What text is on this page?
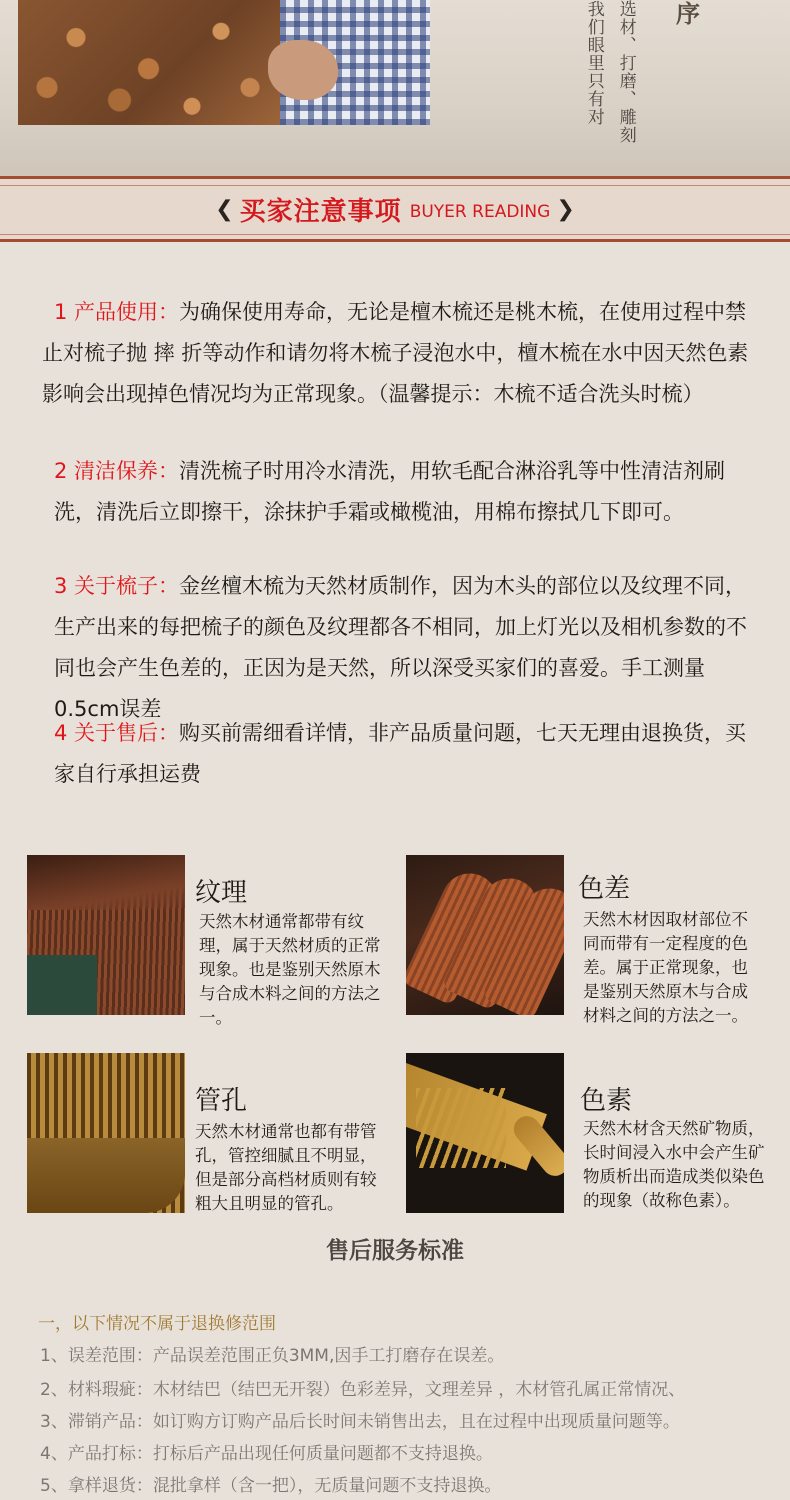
我们眼里只有对 选材、打磨、雕刻 序
❮ 买家注意事项 BUYER READING ❯
1 产品使用：为确保使用寿命，无论是檀木梳还是桃木梳，在使用过程中禁止对梳子抛 摔 折等动作和请勿将木梳子浸泡水中，檀木梳在水中因天然色素影响会出现掉色情况均为正常现象。（温馨提示：木梳不适合洗头时梳）
2 清洁保养：清洗梳子时用冷水清洗，用软毛配合淋浴乳等中性清洁剂刷洗，清洗后立即擦干，涂抹护手霜或橄榄油，用棉布擦拭几下即可。
3 关于梳子：金丝檀木梳为天然材质制作，因为木头的部位以及纹理不同，生产出来的每把梳子的颜色及纹理都各不相同，加上灯光以及相机参数的不同也会产生色差的，正因为是天然，所以深受买家们的喜爱。手工测量0.5cm误差
4 关于售后：购买前需细看详情，非产品质量问题，七天无理由退换货，买家自行承担运费
纹理
天然木材通常都带有纹理，属于天然材质的正常现象。也是鉴别天然原木与合成木料之间的方法之一。
色差
天然木材因取材部位不同而带有一定程度的色差。属于正常现象，也是鉴别天然原木与合成材料之间的方法之一。
管孔
天然木材通常也都有带管孔，管控细腻且不明显，但是部分高档材质则有较粗大且明显的管孔。
色素
天然木材含天然矿物质，长时间浸入水中会产生矿物质析出而造成类似染色的现象（故称色素）。
售后服务标准
一，以下情况不属于退换修范围
1、误差范围：产品误差范围正负3MM,因手工打磨存在误差。
2、材料瑕疵：木材结巴（结巴无开裂）色彩差异，文理差异 ，木材管孔属正常情况、
3、滞销产品：如订购方订购产品后长时间未销售出去，且在过程中出现质量问题等。
4、产品打标：打标后产品出现任何质量问题都不支持退换。
5、拿样退货：混批拿样（含一把），无质量问题不支持退换。
